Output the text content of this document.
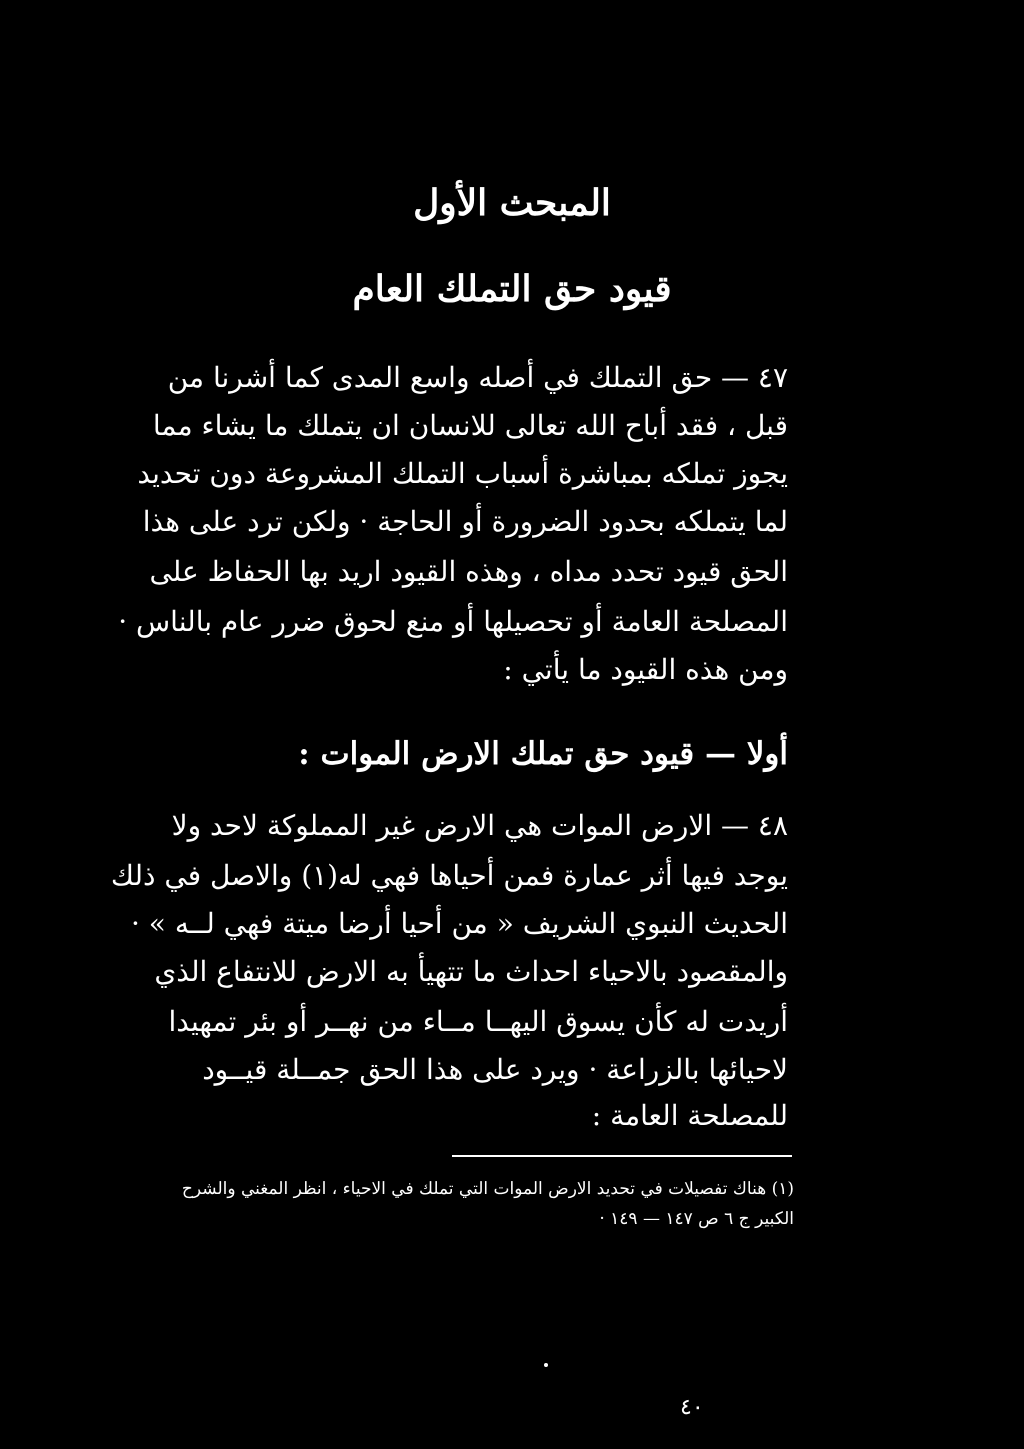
المبحث الأول
قيود حق التملك العام
٤٧ — حق التملك في أصله واسع المدى كما أشرنا من
قبل ، فقد أباح الله تعالى للانسان ان يتملك ما يشاء مما
يجوز تملكه بمباشرة أسباب التملك المشروعة دون تحديد
لما يتملكه بحدود الضرورة أو الحاجة · ولكن ترد على هذا
الحق قيود تحدد مداه ، وهذه القيود اريد بها الحفاظ على
المصلحة العامة أو تحصيلها أو منع لحوق ضرر عام بالناس ·
ومن هذه القيود ما يأتي :
أولا — قيود حق تملك الارض الموات :
٤٨ — الارض الموات هي الارض غير المملوكة لاحد ولا
يوجد فيها أثر عمارة فمن أحياها فهي له(١) والاصل في ذلك
الحديث النبوي الشريف « من أحيا أرضا ميتة فهي لــه » ·
والمقصود بالاحياء احداث ما تتهيأ به الارض للانتفاع الذي
أريدت له كأن يسوق اليهــا مــاء من نهــر أو بئر تمهيدا
لاحيائها بالزراعة · ويرد على هذا الحق جمــلة قيــود
للمصلحة العامة :
(١) هناك تفصيلات في تحديد الارض الموات التي تملك في الاحياء ، انظر المغني والشرح
الكبير ج ٦ ص ١٤٧ — ١٤٩ ·
٤٠
